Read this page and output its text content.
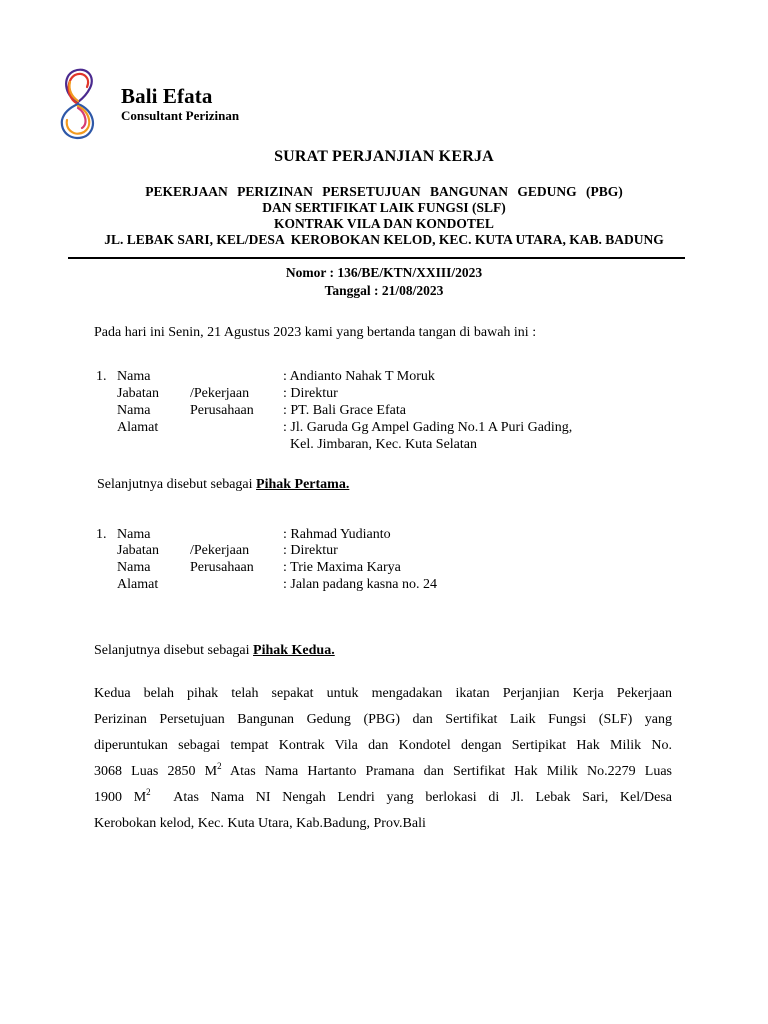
Bali Efata
Consultant Perizinan
SURAT PERJANJIAN KERJA
PEKERJAAN PERIZINAN PERSETUJUAN BANGUNAN GEDUNG (PBG)
DAN SERTIFIKAT LAIK FUNGSI (SLF)
KONTRAK VILA DAN KONDOTEL
JL. LEBAK SARI, KEL/DESA  KEROBOKAN KELOD, KEC. KUTA UTARA, KAB. BADUNG
Nomor : 136/BE/KTN/XXIII/2023
Tanggal : 21/08/2023
Pada hari ini Senin, 21 Agustus 2023 kami yang bertanda tangan di bawah ini :
1. Nama	: Andianto Nahak T Moruk
Jabatan /Pekerjaan : Direktur
Nama	Perusahaan : PT. Bali Grace Efata
Alamat	: Jl. Garuda Gg Ampel Gading No.1 A Puri Gading,
Kel. Jimbaran, Kec. Kuta Selatan
Selanjutnya disebut sebagai Pihak Pertama.
1. Nama	: Rahmad Yudianto
Jabatan /Pekerjaan : Direktur
Nama	Perusahaan : Trie Maxima Karya
Alamat	: Jalan padang kasna no. 24
Selanjutnya disebut sebagai Pihak Kedua.
Kedua belah pihak telah sepakat untuk mengadakan ikatan Perjanjian Kerja Pekerjaan
Perizinan Persetujuan Bangunan Gedung (PBG) dan Sertifikat Laik Fungsi (SLF) yang
diperuntukan sebagai tempat Kontrak Vila dan Kondotel dengan Sertipikat Hak Milik No.
3068 Luas 2850 $M^2$ Atas Nama Hartanto Pramana dan Sertifikat Hak Milik No.2279 Luas
1900 $M^2$  Atas Nama NI Nengah Lendri yang berlokasi di Jl. Lebak Sari, Kel/Desa
Kerobokan kelod, Kec. Kuta Utara, Kab.Badung, Prov.Bali
